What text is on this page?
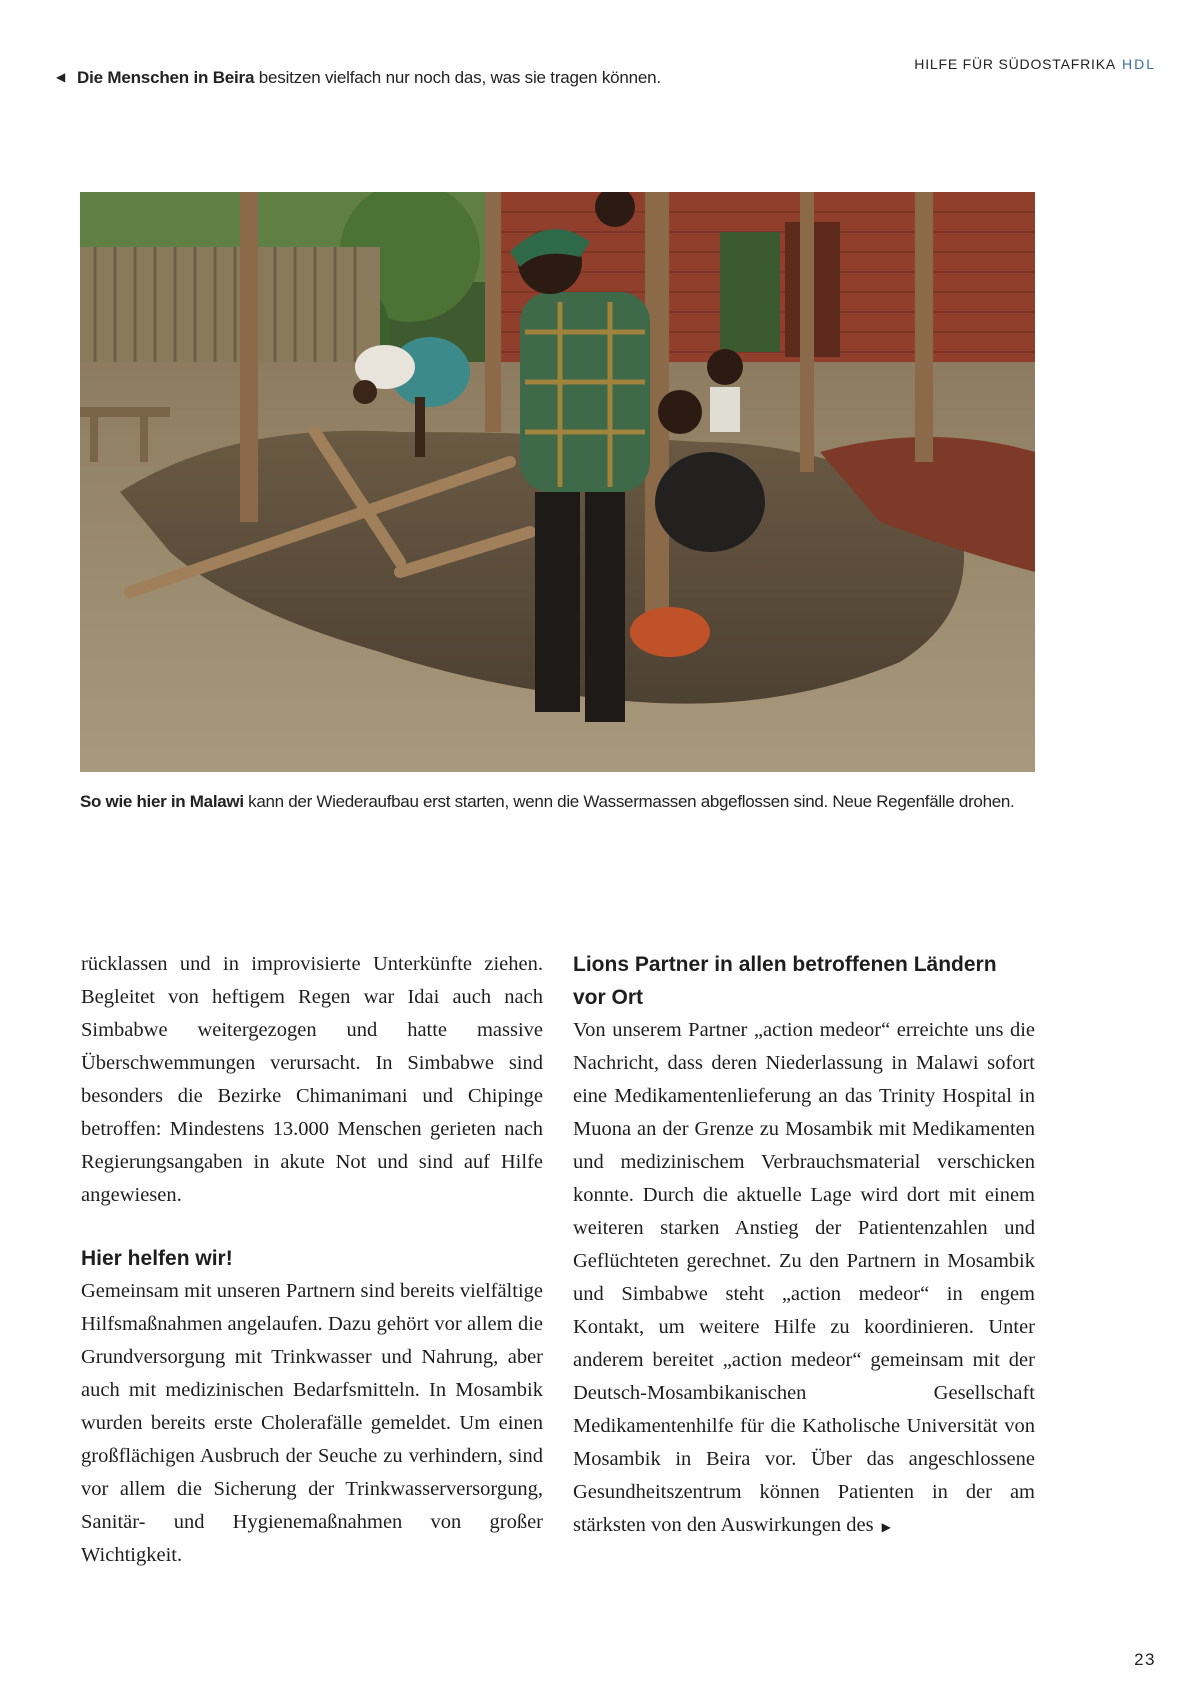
◀ Die Menschen in Beira besitzen vielfach nur noch das, was sie tragen können.
HILFE FÜR SÜDOSTAFRIKA HDL
So wie hier in Malawi kann der Wiederaufbau erst starten, wenn die Wassermassen abgeflossen sind. Neue Regenfälle drohen.

rücklassen und in improvisierte Unterkünfte ziehen. Begleitet von heftigem Regen war Idai auch nach Simbabwe weitergezogen und hatte massive Überschwemmungen verursacht. In Simbabwe sind besonders die Bezirke Chimanimani und Chipinge betroffen: Mindestens 13.000 Menschen gerieten nach Regierungsangaben in akute Not und sind auf Hilfe angewiesen.

Hier helfen wir!

Gemeinsam mit unseren Partnern sind bereits vielfältige Hilfsmaßnahmen angelaufen. Dazu gehört vor allem die Grundversorgung mit Trinkwasser und Nahrung, aber auch mit medizinischen Bedarfsmitteln. In Mosambik wurden bereits erste Cholerafälle gemeldet. Um einen großflächigen Ausbruch der Seuche zu verhindern, sind vor allem die Sicherung der Trinkwasserversorgung, Sanitär- und Hygienemaßnahmen von großer Wichtigkeit.

Lions Partner in allen betroffenen Ländern vor Ort

Von unserem Partner „action medeor“ erreichte uns die Nachricht, dass deren Niederlassung in Malawi sofort eine Medikamentenlieferung an das Trinity Hospital in Muona an der Grenze zu Mosambik mit Medikamenten und medizinischem Verbrauchsmaterial verschicken konnte. Durch die aktuelle Lage wird dort mit einem weiteren starken Anstieg der Patientenzahlen und Geflüchteten gerechnet. Zu den Partnern in Mosambik und Simbabwe steht „action medeor“ in engem Kontakt, um weitere Hilfe zu koordinieren. Unter anderem bereitet „action medeor“ gemeinsam mit der Deutsch-Mosambikanischen Gesellschaft Medikamentenhilfe für die Katholische Universität von Mosambik in Beira vor. Über das angeschlossene Gesundheitszentrum können Patienten in der am stärksten von den Auswirkungen des ▶

23
